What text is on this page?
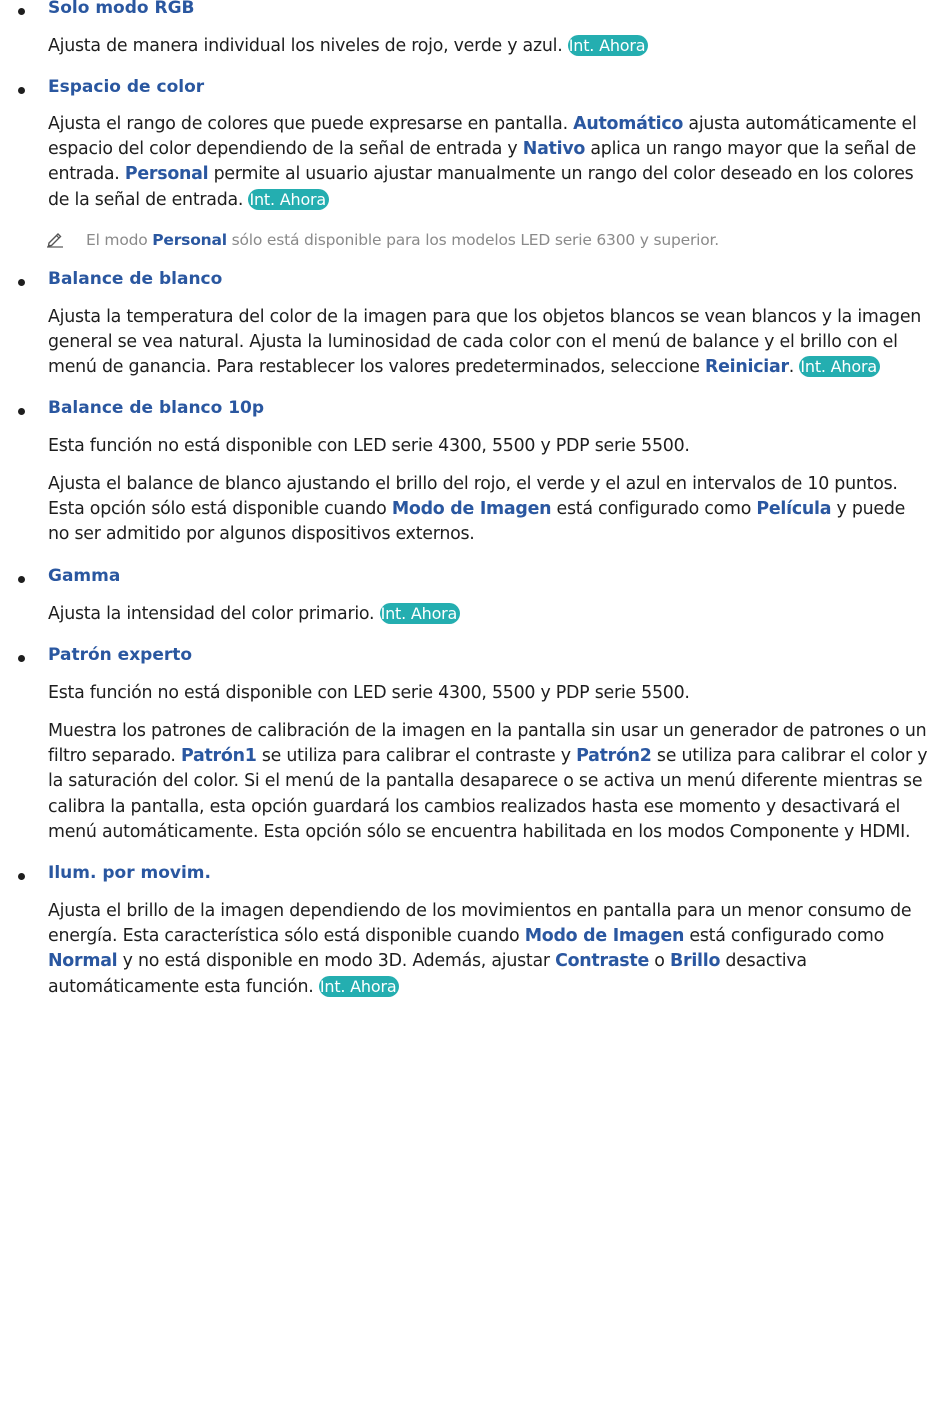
Solo modo RGB
Ajusta de manera individual los niveles de rojo, verde y azul. Int. Ahora
Espacio de color
Ajusta el rango de colores que puede expresarse en pantalla. Automático ajusta automáticamente el espacio del color dependiendo de la señal de entrada y Nativo aplica un rango mayor que la señal de entrada. Personal permite al usuario ajustar manualmente un rango del color deseado en los colores de la señal de entrada. Int. Ahora
El modo Personal sólo está disponible para los modelos LED serie 6300 y superior.
Balance de blanco
Ajusta la temperatura del color de la imagen para que los objetos blancos se vean blancos y la imagen general se vea natural. Ajusta la luminosidad de cada color con el menú de balance y el brillo con el menú de ganancia. Para restablecer los valores predeterminados, seleccione Reiniciar. Int. Ahora
Balance de blanco 10p
Esta función no está disponible con LED serie 4300, 5500 y PDP serie 5500.
Ajusta el balance de blanco ajustando el brillo del rojo, el verde y el azul en intervalos de 10 puntos. Esta opción sólo está disponible cuando Modo de Imagen está configurado como Película y puede no ser admitido por algunos dispositivos externos.
Gamma
Ajusta la intensidad del color primario. Int. Ahora
Patrón experto
Esta función no está disponible con LED serie 4300, 5500 y PDP serie 5500.
Muestra los patrones de calibración de la imagen en la pantalla sin usar un generador de patrones o un filtro separado. Patrón1 se utiliza para calibrar el contraste y Patrón2 se utiliza para calibrar el color y la saturación del color. Si el menú de la pantalla desaparece o se activa un menú diferente mientras se calibra la pantalla, esta opción guardará los cambios realizados hasta ese momento y desactivará el menú automáticamente. Esta opción sólo se encuentra habilitada en los modos Componente y HDMI.
Ilum. por movim.
Ajusta el brillo de la imagen dependiendo de los movimientos en pantalla para un menor consumo de energía. Esta característica sólo está disponible cuando Modo de Imagen está configurado como Normal y no está disponible en modo 3D. Además, ajustar Contraste o Brillo desactiva automáticamente esta función. Int. Ahora
